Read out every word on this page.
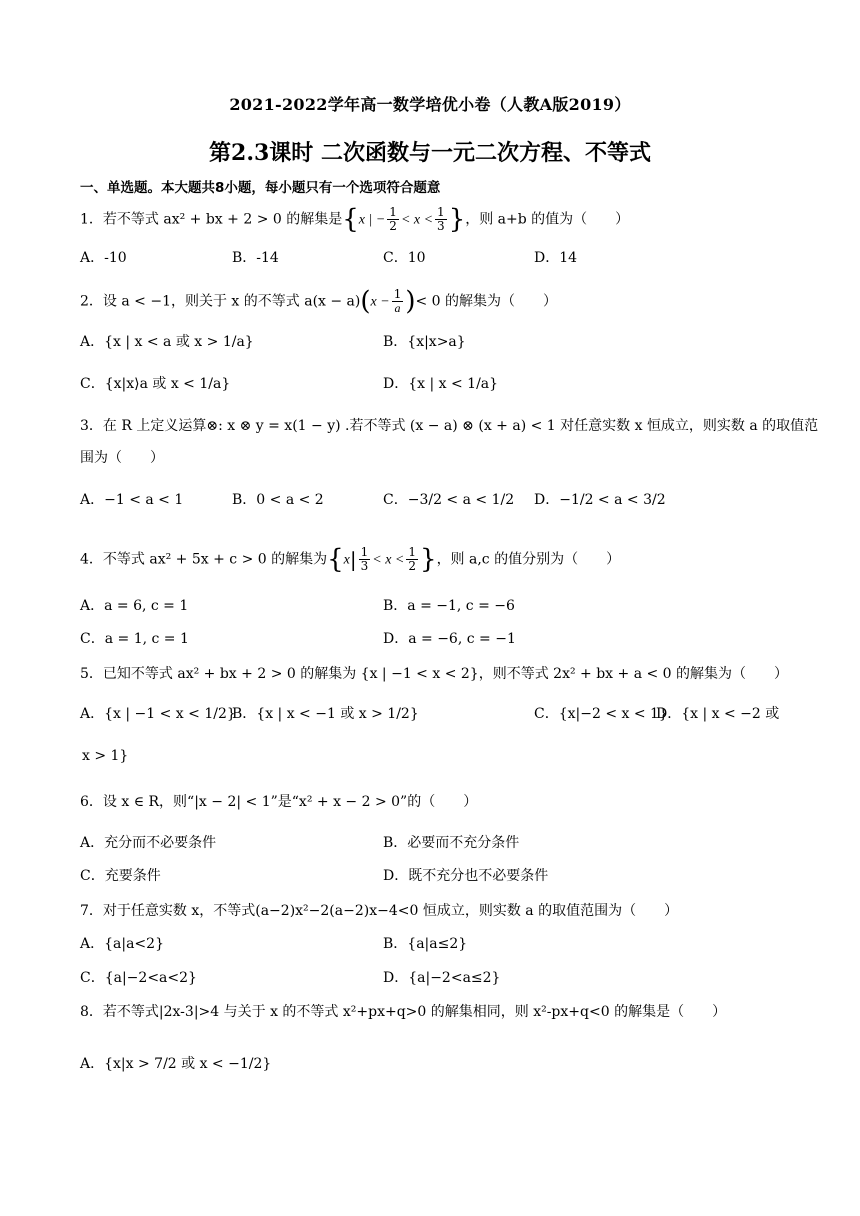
2021-2022学年高一数学培优小卷（人教A版2019）
第2.3课时 二次函数与一元二次方程、不等式
一、单选题。本大题共8小题，每小题只有一个选项符合题意
1．若不等式 ax² + bx + 2 > 0 的解集是{x | − $\frac{1}{2} < x < \frac{1}{3}$ }，则 a+b 的值为（　　）
A．-10	B．-14	C．10	D．14
2．设 a < −1，则关于 x 的不等式 $a(x - a)(x - \frac{1}{a}$ )< 0 的解集为（　　）
A．{x | x < a 或 x > 1/a}	B．{x|x>a}
C．{x|x⟩a 或 x < 1/a}	D．{x | x < 1/a}
3．在 R 上定义运算⊗: x ⊗ y = x(1 − y) .若不等式 (x − a) ⊗ (x + a) < 1 对任意实数 x 恒成立，则实数 a 的取值范
围为（　　）
A．−1 < a < 1	B．0 < a < 2	C．−3/2 < a < 1/2 D．−1/2 < a < 3/2
4．不等式 ax² + 5x + c > 0 的解集为{$x| \frac{1}{3} < x < \frac{1}{2}$ }，则 a,c 的值分别为（　　）
A．a = 6, c = 1	B．a = −1, c = −6
C．a = 1, c = 1	D．a = −6, c = −1
5．已知不等式 ax² + bx + 2 > 0 的解集为 {x | −1 < x < 2}，则不等式 2x² + bx + a < 0 的解集为（　　）
A．{x | −1 < x < 1/2}
B．{x | x < −1 或 x > 1/2}	C．{x|−2 < x < 1}
D．{x | x < −2 或
x > 1}
6．设 x ∈ R，则“|x − 2| < 1”是“x² + x − 2 > 0”的（　　）
A．充分而不必要条件	B．必要而不充分条件
C．充要条件	D．既不充分也不必要条件
7．对于任意实数 x，不等式(a−2)x²−2(a−2)x−4<0 恒成立，则实数 a 的取值范围为（　　）
A．{a|a<2}	B．{a|a≤2}
C．{a|−2<a<2}	D．{a|−2<a≤2}
8．若不等式|2x-3|>4 与关于 x 的不等式 x²+px+q>0 的解集相同，则 x²-px+q<0 的解集是（　　）
A．{x|x > 7/2 或 x < −1/2}
